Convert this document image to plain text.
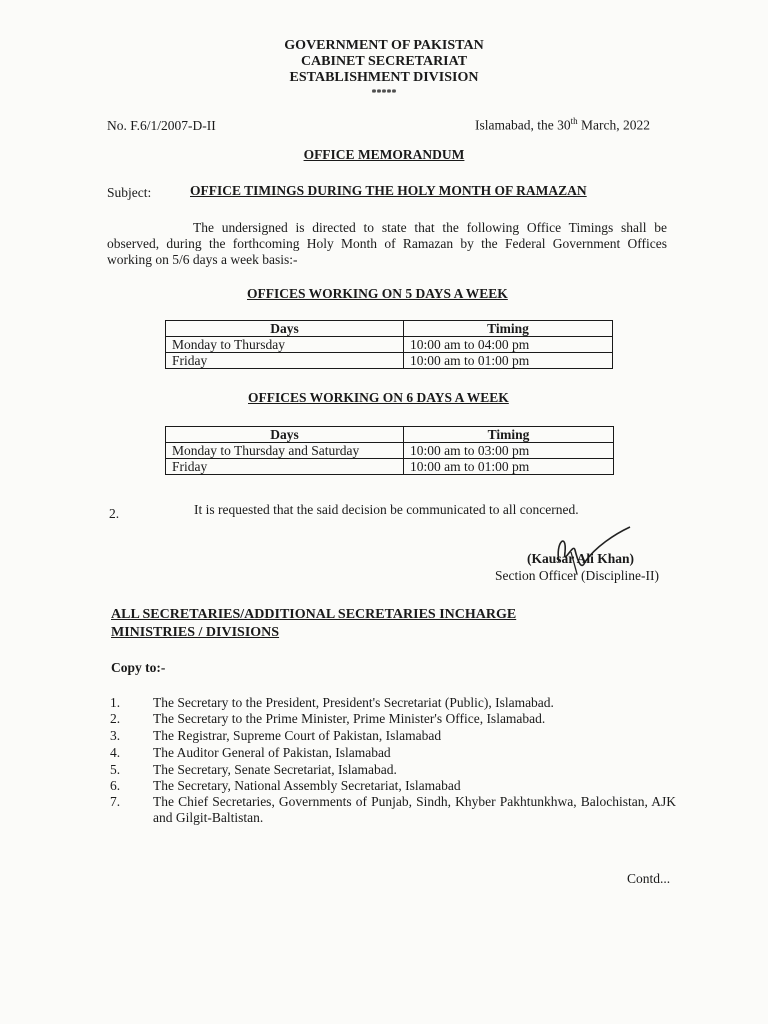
GOVERNMENT OF PAKISTAN
CABINET SECRETARIAT
ESTABLISHMENT DIVISION
*****
No. F.6/1/2007-D-II	Islamabad, the 30th March, 2022
OFFICE MEMORANDUM
Subject:	OFFICE TIMINGS DURING THE HOLY MONTH OF RAMAZAN
The undersigned is directed to state that the following Office Timings shall be observed, during the forthcoming Holy Month of Ramazan by the Federal Government Offices working on 5/6 days a week basis:-
OFFICES WORKING ON 5 DAYS A WEEK
Days	Timing
Monday to Thursday	10:00 am to 04:00 pm
Friday	10:00 am to 01:00 pm
OFFICES WORKING ON 6 DAYS A WEEK
Days	Timing
Monday to Thursday and Saturday	10:00 am to 03:00 pm
Friday	10:00 am to 01:00 pm
2.	It is requested that the said decision be communicated to all concerned.
(Kausar Ali Khan)
Section Officer (Discipline-II)
ALL SECRETARIES/ADDITIONAL SECRETARIES INCHARGE
MINISTRIES / DIVISIONS
Copy to:-
1.	The Secretary to the President, President's Secretariat (Public), Islamabad.
2.	The Secretary to the Prime Minister, Prime Minister's Office, Islamabad.
3.	The Registrar, Supreme Court of Pakistan, Islamabad
4.	The Auditor General of Pakistan, Islamabad
5.	The Secretary, Senate Secretariat, Islamabad.
6.	The Secretary, National Assembly Secretariat, Islamabad
7.	The Chief Secretaries, Governments of Punjab, Sindh, Khyber Pakhtunkhwa, Balochistan, AJK and Gilgit-Baltistan.
Contd...
